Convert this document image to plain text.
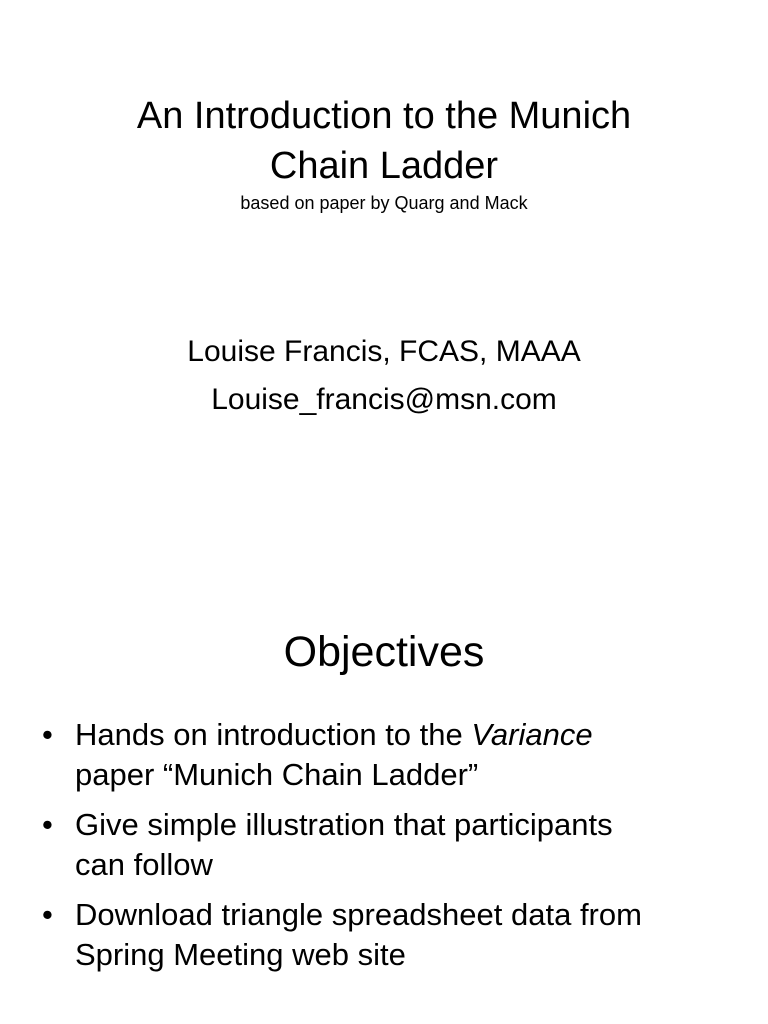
An Introduction to the Munich
Chain Ladder
based on paper by Quarg and Mack
Louise Francis, FCAS, MAAA
Louise_francis@msn.com
Objectives
• Hands on introduction to the Variance
paper “Munich Chain Ladder”
• Give simple illustration that participants
can follow
• Download triangle spreadsheet data from
Spring Meeting web site
